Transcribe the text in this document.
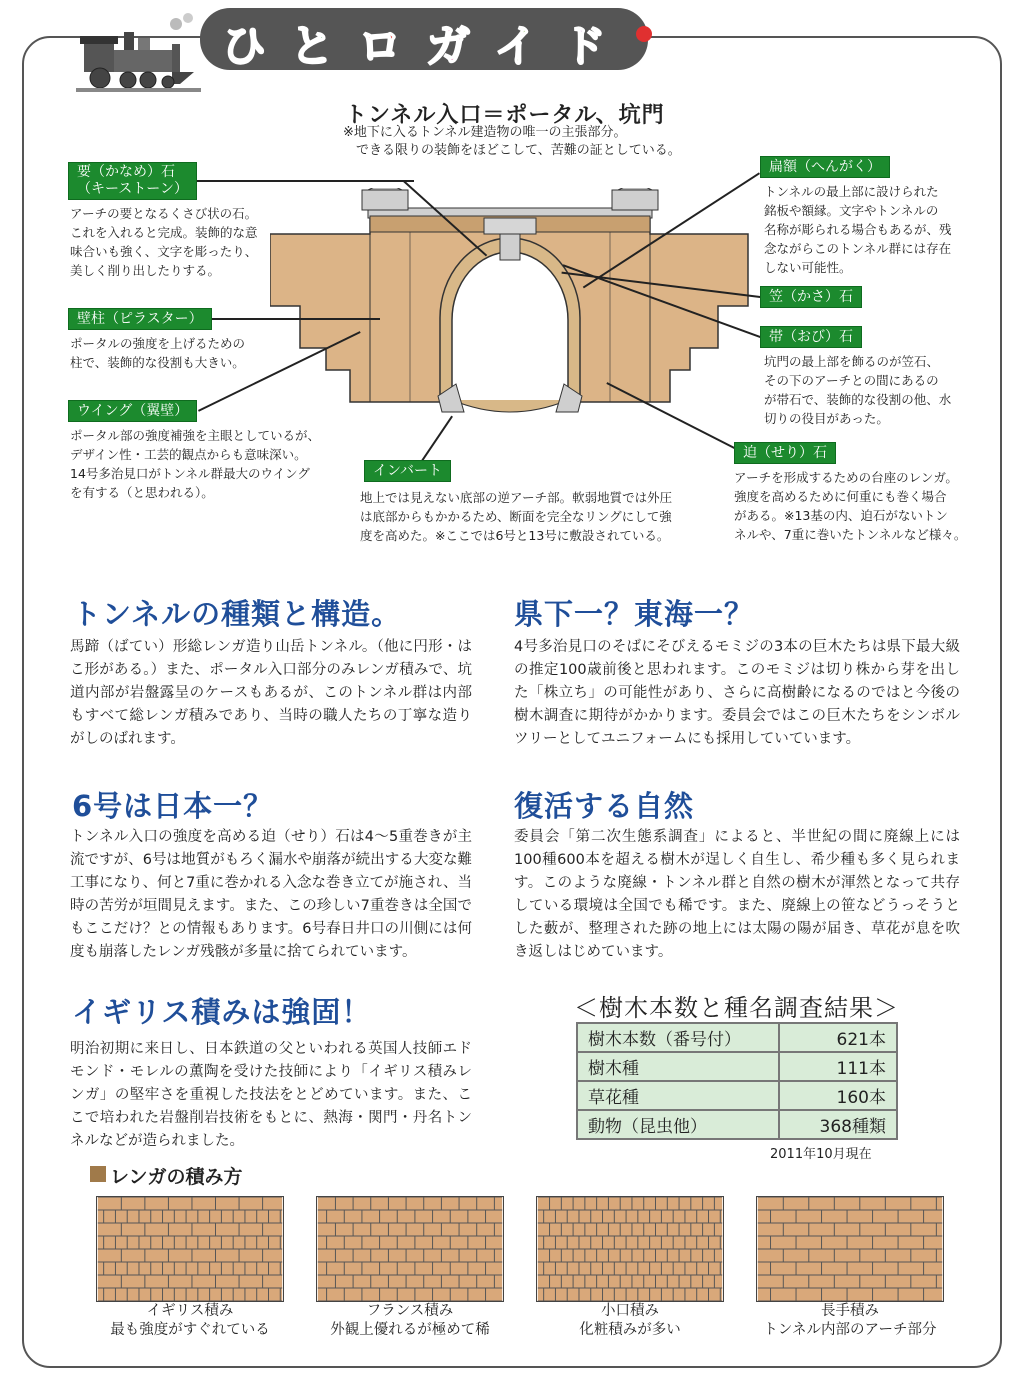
ひ と ロ ガ イ ド
トンネル入口＝ポータル、坑門
※地下に入るトンネル建造物の唯一の主張部分。
　できる限りの装飾をほどこして、苦難の証としている。
要（かなめ）石
（キーストーン）
アーチの要となるくさび状の石。
これを入れると完成。装飾的な意
味合いも強く、文字を彫ったり、
美しく削り出したりする。
壁柱（ピラスター）
ポータルの強度を上げるための
柱で、装飾的な役割も大きい。
ウイング（翼壁）
ポータル部の強度補強を主眼としているが、
デザイン性・工芸的観点からも意味深い。
14号多治見口がトンネル群最大のウイング
を有する（と思われる）。
インバート
地上では見えない底部の逆アーチ部。軟弱地質では外圧
は底部からもかかるため、断面を完全なリングにして強
度を高めた。※ここでは6号と13号に敷設されている。
扁額（へんがく）
トンネルの最上部に設けられた
銘板や額縁。文字やトンネルの
名称が彫られる場合もあるが、残
念ながらこのトンネル群には存在
しない可能性。
笠（かさ）石
帯（おび）石
坑門の最上部を飾るのが笠石、
その下のアーチとの間にあるの
が帯石で、装飾的な役割の他、水
切りの役目があった。
迫（せり）石
アーチを形成するための台座のレンガ。
強度を高めるために何重にも巻く場合
がある。※13基の内、迫石がないトン
ネルや、7重に巻いたトンネルなど様々。
トンネルの種類と構造。
馬蹄（ばてい）形総レンガ造り山岳トンネル。（他に円形・はこ形がある。）また、ポータル入口部分のみレンガ積みで、坑道内部が岩盤露呈のケースもあるが、このトンネル群は内部もすべて総レンガ積みであり、当時の職人たちの丁寧な造りがしのばれます。
県下一？東海一？
4号多治見口のそばにそびえるモミジの3本の巨木たちは県下最大級の推定100歳前後と思われます。このモミジは切り株から芽を出した「株立ち」の可能性があり、さらに高樹齢になるのではと今後の樹木調査に期待がかかります。委員会ではこの巨木たちをシンボルツリーとしてユニフォームにも採用していています。
6号は日本一？
トンネル入口の強度を高める迫（せり）石は4～5重巻きが主流ですが、6号は地質がもろく漏水や崩落が続出する大変な難工事になり、何と7重に巻かれる入念な巻き立てが施され、当時の苦労が垣間見えます。また、この珍しい7重巻きは全国でもここだけ？との情報もあります。6号春日井口の川側には何度も崩落したレンガ残骸が多量に捨てられています。
復活する自然
委員会「第二次生態系調査」によると、半世紀の間に廃線上には100種600本を超える樹木が逞しく自生し、希少種も多く見られます。このような廃線・トンネル群と自然の樹木が渾然となって共存している環境は全国でも稀です。また、廃線上の笹などうっそうとした藪が、整理された跡の地上には太陽の陽が届き、草花が息を吹き返しはじめています。
イギリス積みは強固！
明治初期に来日し、日本鉄道の父といわれる英国人技師エドモンド・モレルの薫陶を受けた技師により「イギリス積みレンガ」の堅牢さを重視した技法をとどめています。また、ここで培われた岩盤削岩技術をもとに、熱海・関門・丹名トンネルなどが造られました。
＜樹木本数と種名調査結果＞
樹木本数（番号付）	621本
樹木種	111本
草花種	160本
動物（昆虫他）	368種類
2011年10月現在
レンガの積み方
イギリス積み
最も強度がすぐれている
フランス積み
外観上優れるが極めて稀
小口積み
化粧積みが多い
長手積み
トンネル内部のアーチ部分
